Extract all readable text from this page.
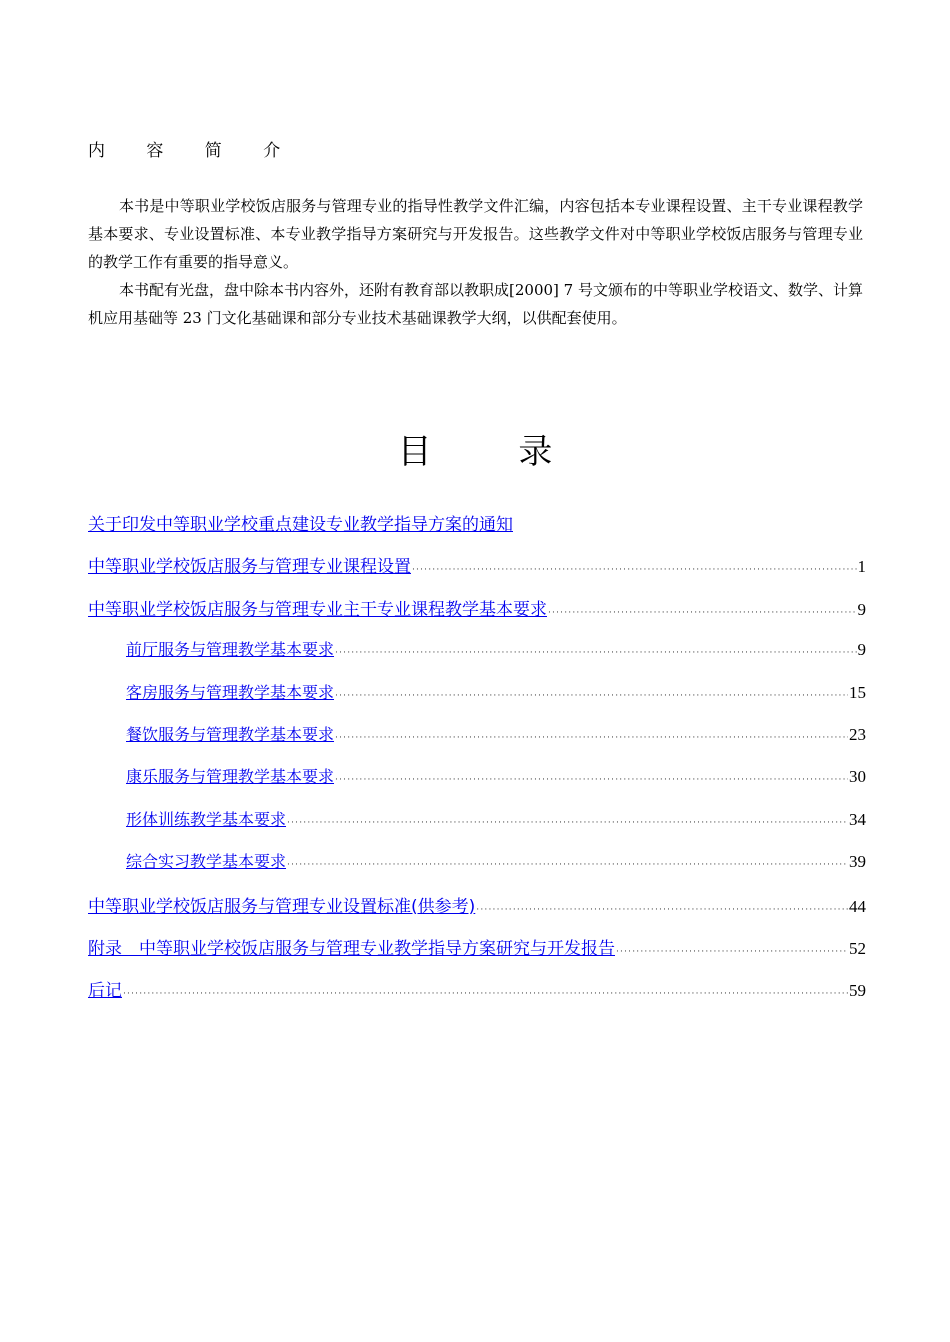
内 容 简 介

本书是中等职业学校饭店服务与管理专业的指导性教学文件汇编，内容包括本专业课程设置、主干专业课程教学基本要求、专业设置标准、本专业教学指导方案研究与开发报告。这些教学文件对中等职业学校饭店服务与管理专业的教学工作有重要的指导意义。

本书配有光盘，盘中除本书内容外，还附有教育部以教职成[2000] 7 号文颁布的中等职业学校语文、数学、计算机应用基础等 23 门文化基础课和部分专业技术基础课教学大纲，以供配套使用。

目 录
关于印发中等职业学校重点建设专业教学指导方案的通知
中等职业学校饭店服务与管理专业课程设置 ·····	1
中等职业学校饭店服务与管理专业主干专业课程教学基本要求 ·····	9
前厅服务与管理教学基本要求 ·····	9
客房服务与管理教学基本要求 ·····	15
餐饮服务与管理教学基本要求 ·····	23
康乐服务与管理教学基本要求 ·····	30
形体训练教学基本要求 ·····	34
综合实习教学基本要求 ·····	39
中等职业学校饭店服务与管理专业设置标准(供参考) ·····	44
附录　中等职业学校饭店服务与管理专业教学指导方案研究与开发报告 ·····	52
后记 ·····	59
